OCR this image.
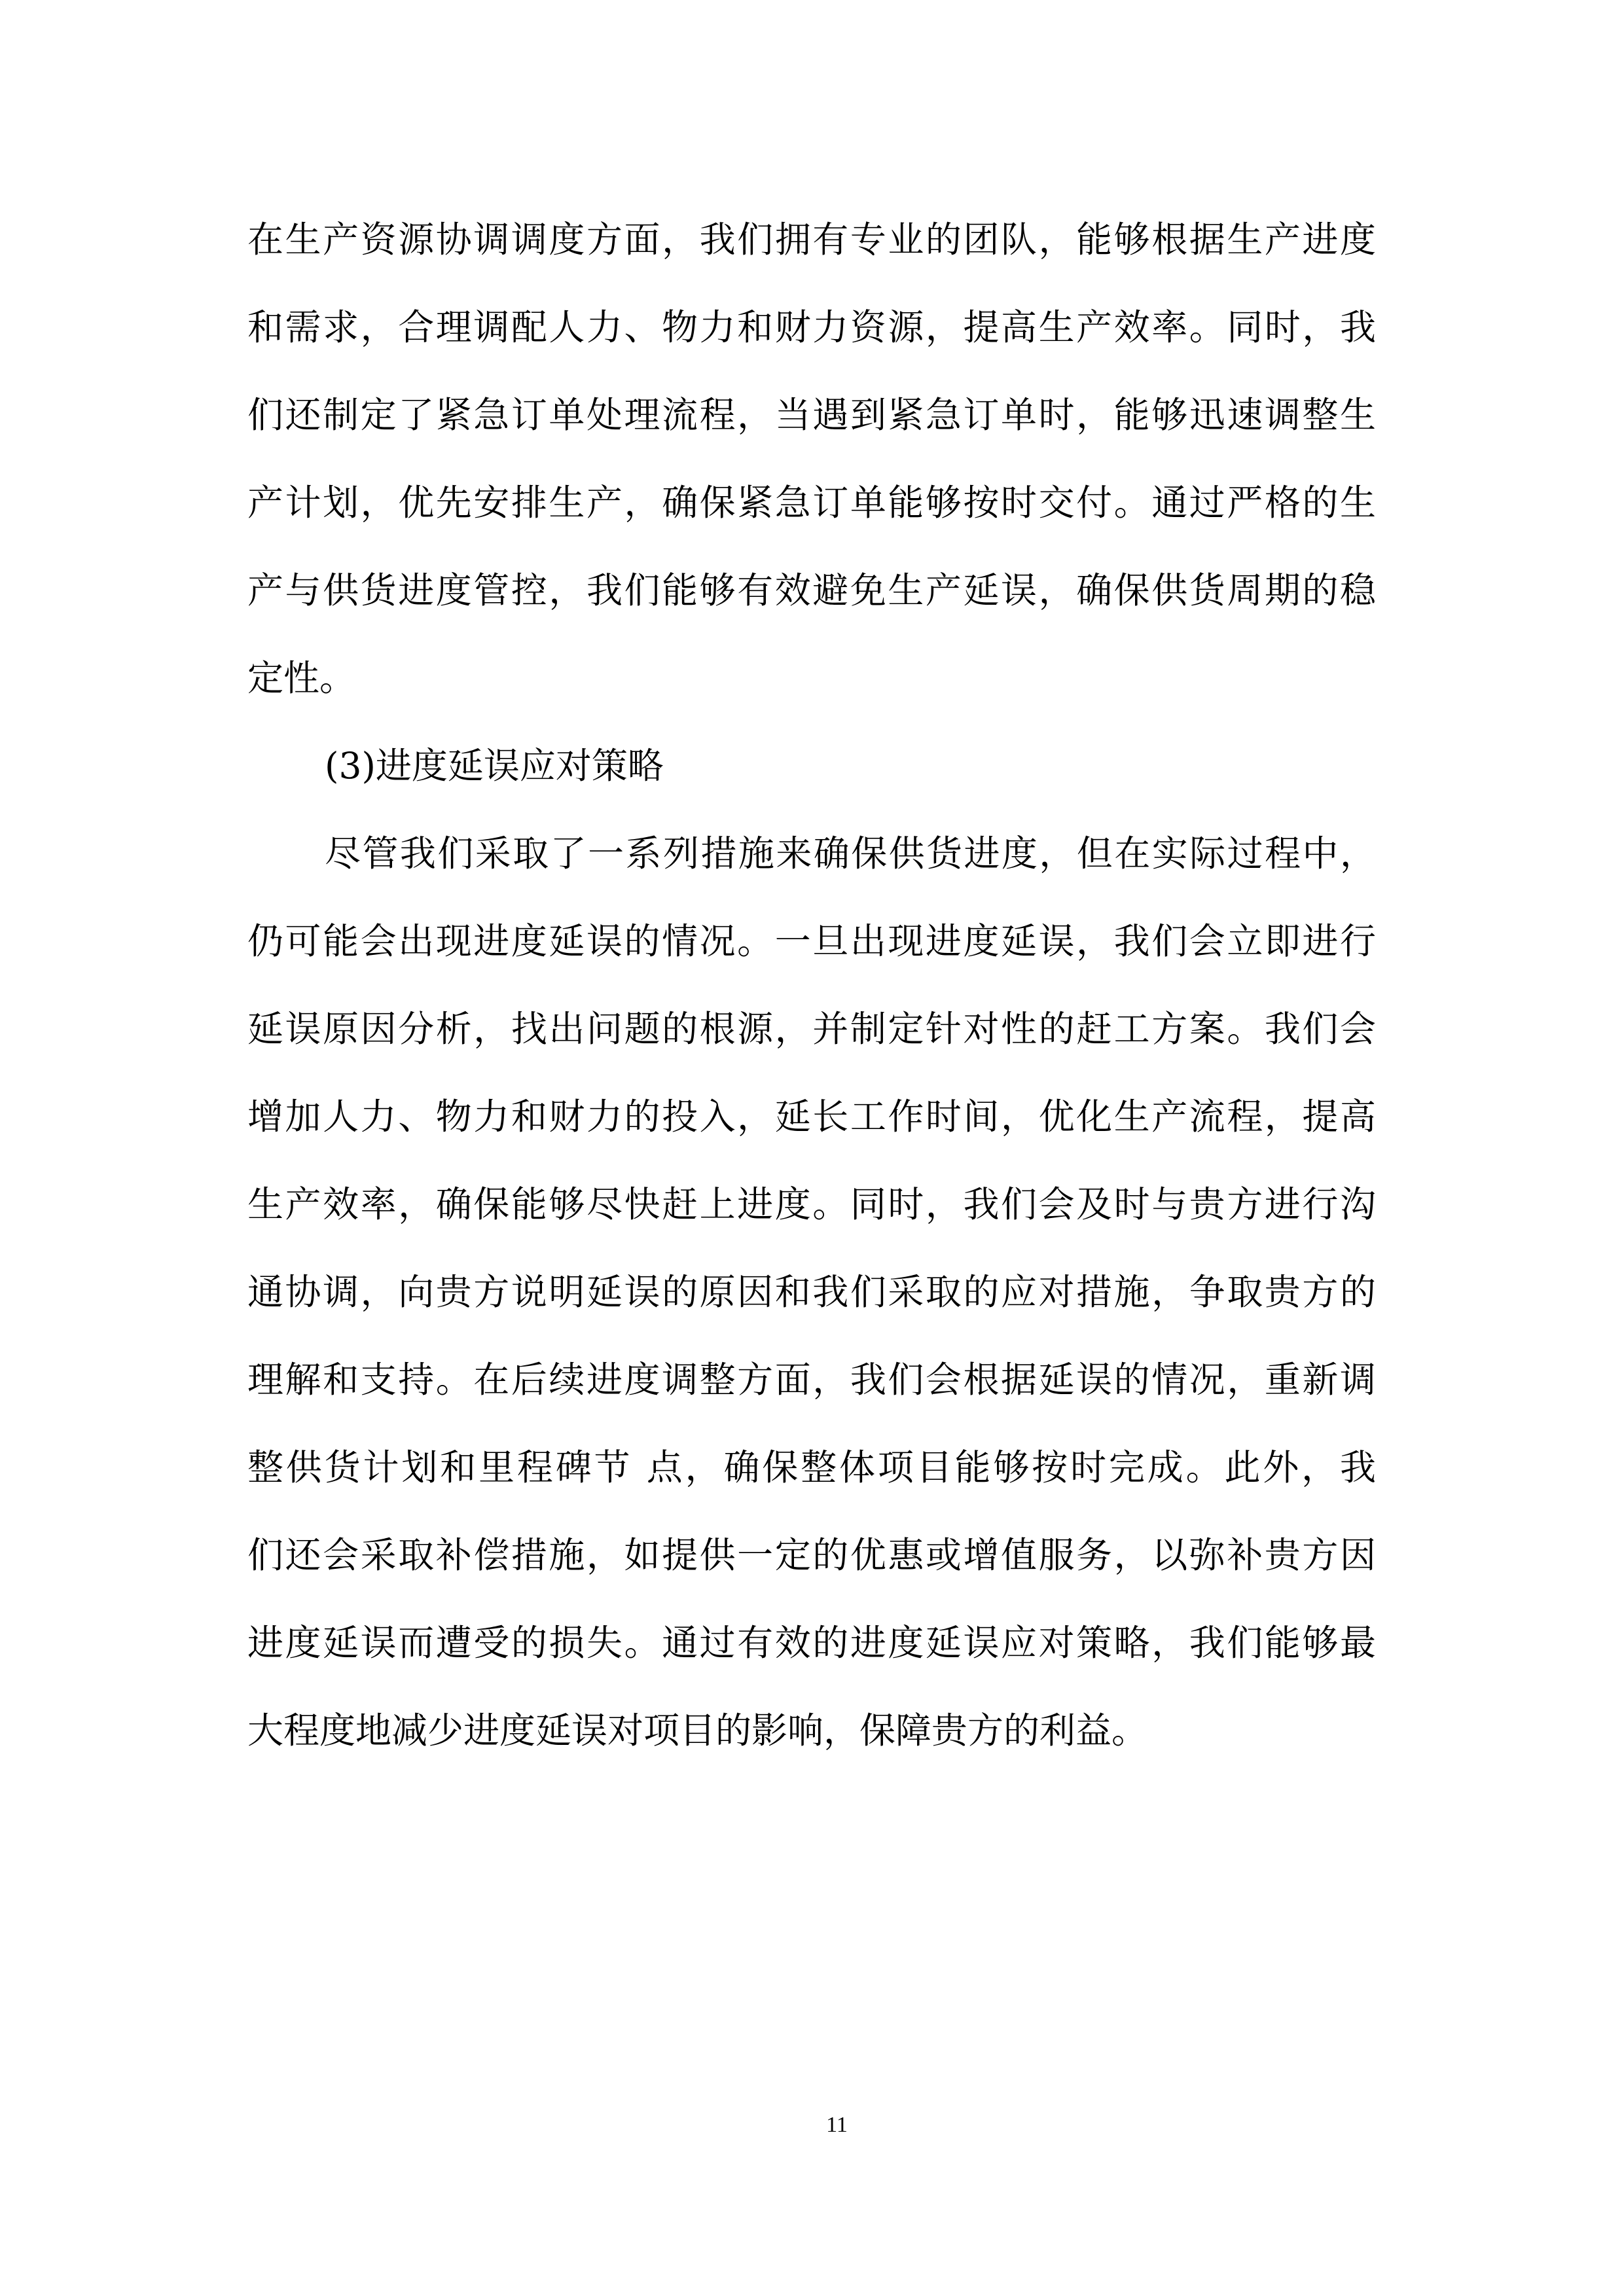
在生产资源协调调度方面，我们拥有专业的团队，能够根据生产进度
和需求，合理调配人力、物力和财力资源，提高生产效率。同时，我
们还制定了紧急订单处理流程，当遇到紧急订单时，能够迅速调整生
产计划，优先安排生产，确保紧急订单能够按时交付。通过严格的生
产与供货进度管控，我们能够有效避免生产延误，确保供货周期的稳
定性。
(3)进度延误应对策略
尽管我们采取了一系列措施来确保供货进度，但在实际过程中，
仍可能会出现进度延误的情况。一旦出现进度延误，我们会立即进行
延误原因分析，找出问题的根源，并制定针对性的赶工方案。我们会
增加人力、物力和财力的投入，延长工作时间，优化生产流程，提高
生产效率，确保能够尽快赶上进度。同时，我们会及时与贵方进行沟
通协调，向贵方说明延误的原因和我们采取的应对措施，争取贵方的
理解和支持。在后续进度调整方面，我们会根据延误的情况，重新调
整供货计划和里程碑节 点，确保整体项目能够按时完成。此外，我
们还会采取补偿措施，如提供一定的优惠或增值服务，以弥补贵方因
进度延误而遭受的损失。通过有效的进度延误应对策略，我们能够最
大程度地减少进度延误对项目的影响，保障贵方的利益。
11
